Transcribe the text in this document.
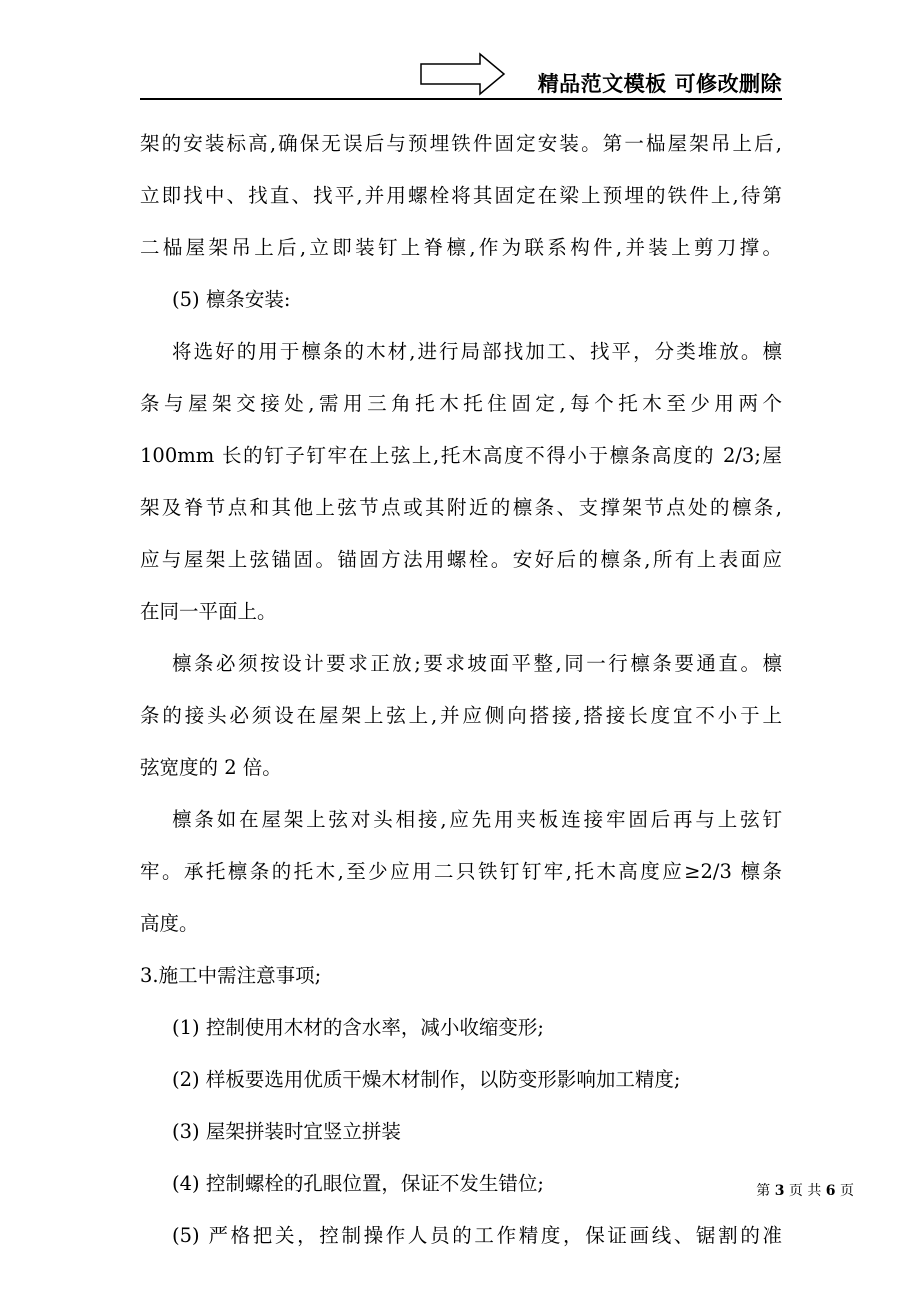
精品范文模板 可修改删除
架的安装标高,确保无误后与预埋铁件固定安装。第一榀屋架吊上后,
立即找中、找直、找平,并用螺栓将其固定在梁上预埋的铁件上,待第
二榀屋架吊上后,立即装钉上脊檩,作为联系构件,并装上剪刀撑。
(5) 檩条安装:
将选好的用于檩条的木材,进行局部找加工、找平，分类堆放。檩
条与屋架交接处,需用三角托木托住固定,每个托木至少用两个
100mm 长的钉子钉牢在上弦上,托木高度不得小于檩条高度的 2/3;屋
架及脊节点和其他上弦节点或其附近的檩条、支撑架节点处的檩条,
应与屋架上弦锚固。锚固方法用螺栓。安好后的檩条,所有上表面应
在同一平面上。
檩条必须按设计要求正放;要求坡面平整,同一行檩条要通直。檩
条的接头必须设在屋架上弦上,并应侧向搭接,搭接长度宜不小于上
弦宽度的 2 倍。
檩条如在屋架上弦对头相接,应先用夹板连接牢固后再与上弦钉
牢。承托檩条的托木,至少应用二只铁钉钉牢,托木高度应≥2/3 檩条
高度。
3.施工中需注意事项;
(1) 控制使用木材的含水率，减小收缩变形;
(2) 样板要选用优质干燥木材制作，以防变形影响加工精度;
(3) 屋架拼装时宜竖立拼装
(4) 控制螺栓的孔眼位置，保证不发生错位;
(5) 严格把关，控制操作人员的工作精度，保证画线、锯割的准
第 3 页 共 6 页
